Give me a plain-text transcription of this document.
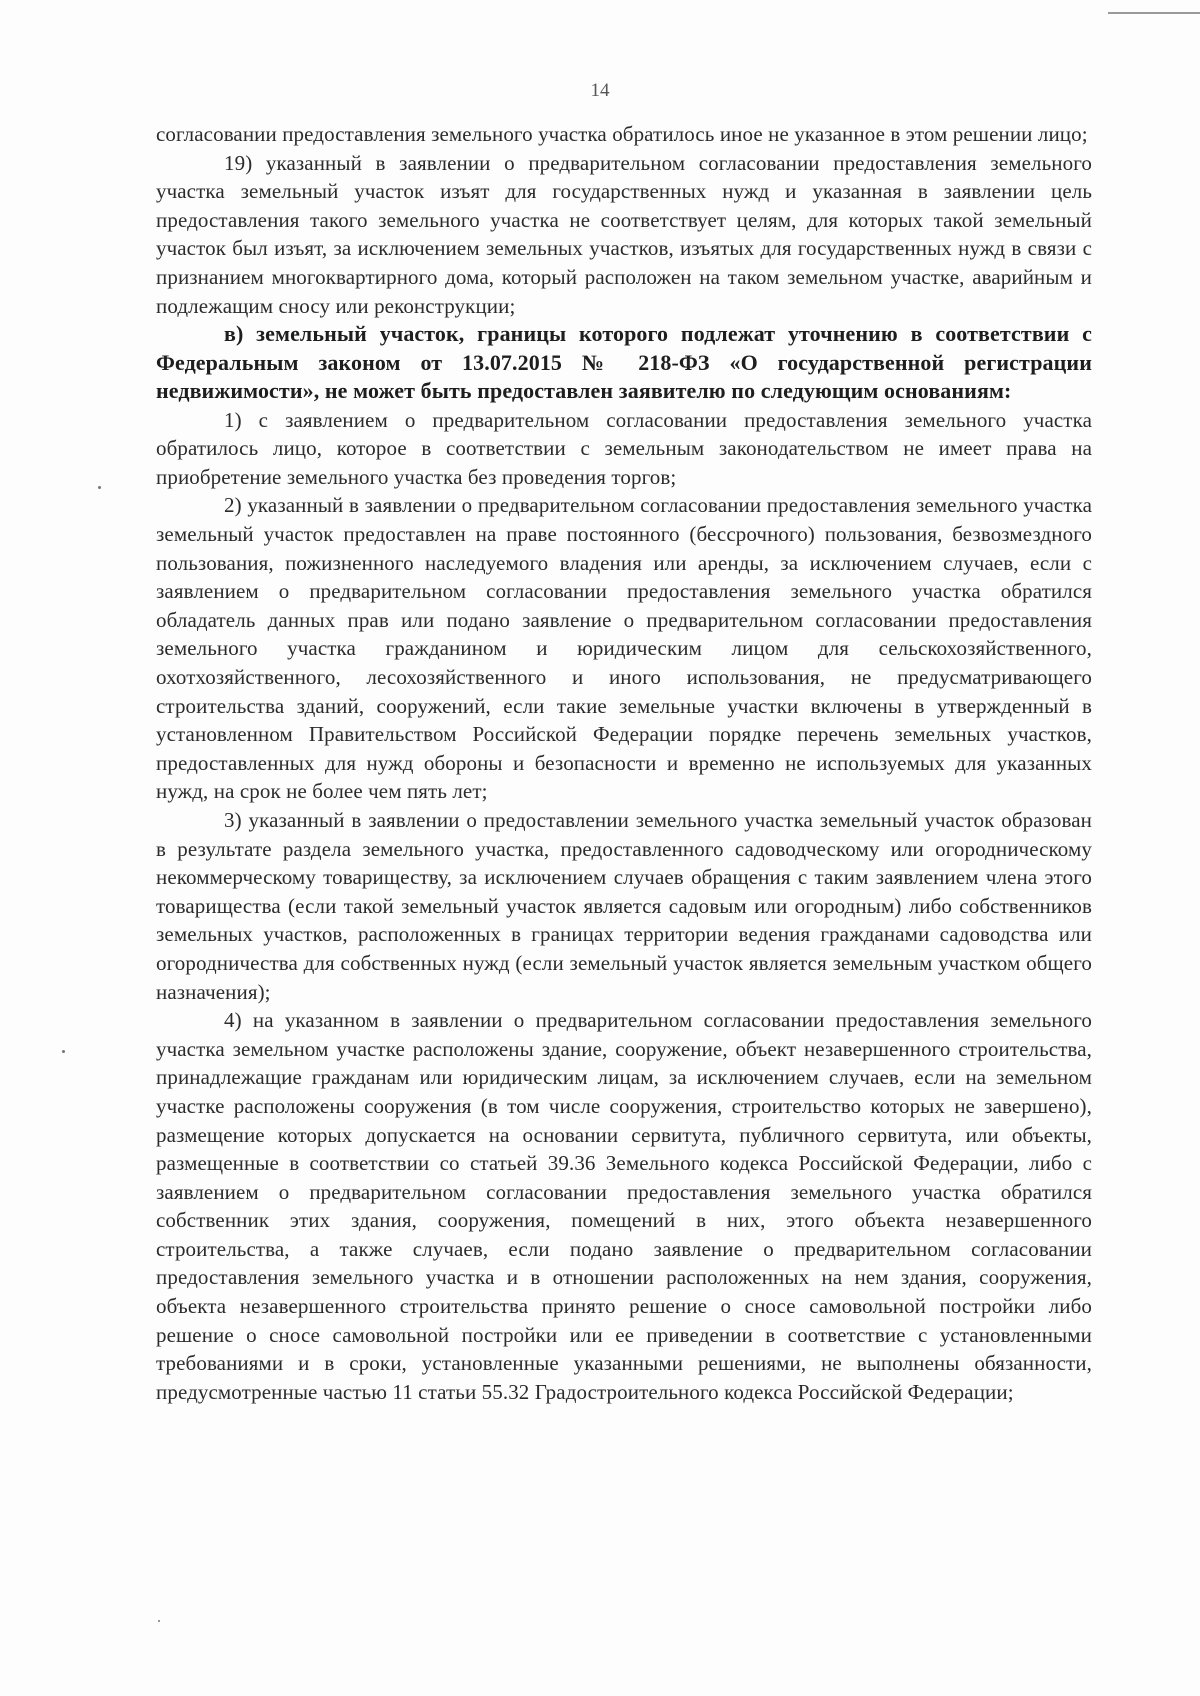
14

согласовании предоставления земельного участка обратилось иное не указанное в этом решении лицо;

19) указанный в заявлении о предварительном согласовании предоставления земельного участка земельный участок изъят для государственных нужд и указанная в заявлении цель предоставления такого земельного участка не соответствует целям, для которых такой земельный участок был изъят, за исключением земельных участков, изъятых для государственных нужд в связи с признанием многоквартирного дома, который расположен на таком земельном участке, аварийным и подлежащим сносу или реконструкции;

в) земельный участок, границы которого подлежат уточнению в соответствии с Федеральным законом от 13.07.2015 № 218-ФЗ «О государственной регистрации недвижимости», не может быть предоставлен заявителю по следующим основаниям:

1) с заявлением о предварительном согласовании предоставления земельного участка обратилось лицо, которое в соответствии с земельным законодательством не имеет права на приобретение земельного участка без проведения торгов;

2) указанный в заявлении о предварительном согласовании предоставления земельного участка земельный участок предоставлен на праве постоянного (бессрочного) пользования, безвозмездного пользования, пожизненного наследуемого владения или аренды, за исключением случаев, если с заявлением о предварительном согласовании предоставления земельного участка обратился обладатель данных прав или подано заявление о предварительном согласовании предоставления земельного участка гражданином и юридическим лицом для сельскохозяйственного, охотхозяйственного, лесохозяйственного и иного использования, не предусматривающего строительства зданий, сооружений, если такие земельные участки включены в утвержденный в установленном Правительством Российской Федерации порядке перечень земельных участков, предоставленных для нужд обороны и безопасности и временно не используемых для указанных нужд, на срок не более чем пять лет;

3) указанный в заявлении о предоставлении земельного участка земельный участок образован в результате раздела земельного участка, предоставленного садоводческому или огородническому некоммерческому товариществу, за исключением случаев обращения с таким заявлением члена этого товарищества (если такой земельный участок является садовым или огородным) либо собственников земельных участков, расположенных в границах территории ведения гражданами садоводства или огородничества для собственных нужд (если земельный участок является земельным участком общего назначения);

4) на указанном в заявлении о предварительном согласовании предоставления земельного участка земельном участке расположены здание, сооружение, объект незавершенного строительства, принадлежащие гражданам или юридическим лицам, за исключением случаев, если на земельном участке расположены сооружения (в том числе сооружения, строительство которых не завершено), размещение которых допускается на основании сервитута, публичного сервитута, или объекты, размещенные в соответствии со статьей 39.36 Земельного кодекса Российской Федерации, либо с заявлением о предварительном согласовании предоставления земельного участка обратился собственник этих здания, сооружения, помещений в них, этого объекта незавершенного строительства, а также случаев, если подано заявление о предварительном согласовании предоставления земельного участка и в отношении расположенных на нем здания, сооружения, объекта незавершенного строительства принято решение о сносе самовольной постройки либо решение о сносе самовольной постройки или ее приведении в соответствие с установленными требованиями и в сроки, установленные указанными решениями, не выполнены обязанности, предусмотренные частью 11 статьи 55.32 Градостроительного кодекса Российской Федерации;
